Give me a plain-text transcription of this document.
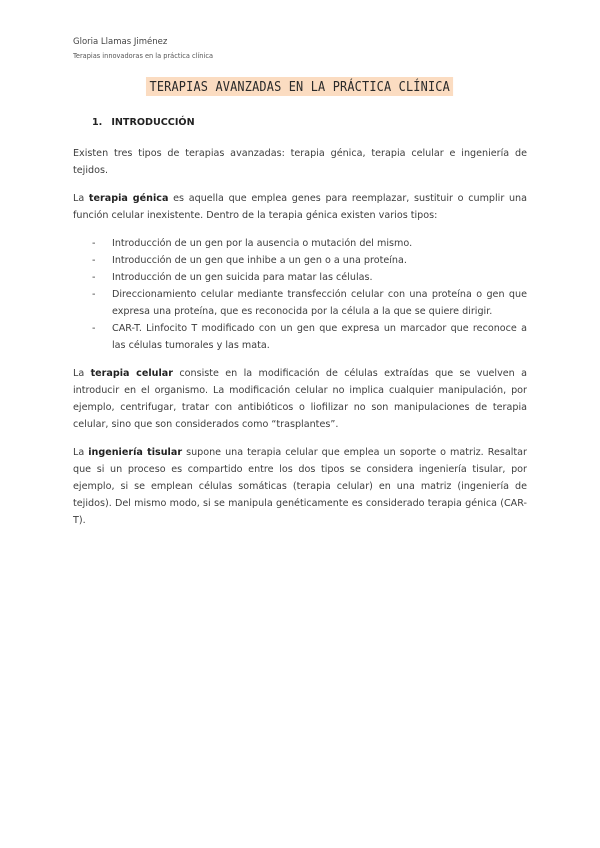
Gloria Llamas Jiménez
Terapias innovadoras en la práctica clínica
TERAPIAS AVANZADAS EN LA PRÁCTICA CLÍNICA
1. INTRODUCCIÓN

Existen tres tipos de terapias avanzadas: terapia génica, terapia celular e ingeniería de tejidos.

La terapia génica es aquella que emplea genes para reemplazar, sustituir o cumplir una función celular inexistente. Dentro de la terapia génica existen varios tipos:

- Introducción de un gen por la ausencia o mutación del mismo.
- Introducción de un gen que inhibe a un gen o a una proteína.
- Introducción de un gen suicida para matar las células.
- Direccionamiento celular mediante transfección celular con una proteína o gen que expresa una proteína, que es reconocida por la célula a la que se quiere dirigir.
- CAR-T. Linfocito T modificado con un gen que expresa un marcador que reconoce a las células tumorales y las mata.

La terapia celular consiste en la modificación de células extraídas que se vuelven a introducir en el organismo. La modificación celular no implica cualquier manipulación, por ejemplo, centrifugar, tratar con antibióticos o liofilizar no son manipulaciones de terapia celular, sino que son considerados como “trasplantes”.

La ingeniería tisular supone una terapia celular que emplea un soporte o matriz. Resaltar que si un proceso es compartido entre los dos tipos se considera ingeniería tisular, por ejemplo, si se emplean células somáticas (terapia celular) en una matriz (ingeniería de tejidos). Del mismo modo, si se manipula genéticamente es considerado terapia génica (CAR-T).
